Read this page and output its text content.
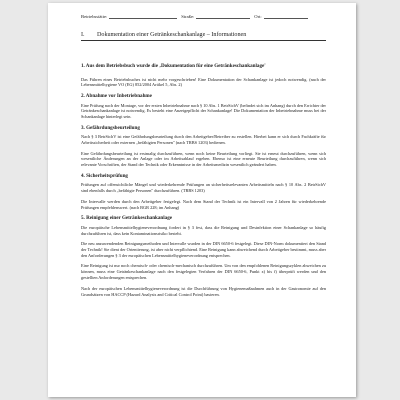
Betriebsstätte:	Straße:	Ort:
I. Dokumentation einer Getränkeschankanlage – Informationen
1. Aus dem Betriebsbuch wurde die ‚Dokumentation für eine Getränkeschankanlage'

Das Führen eines Betriebsbuches ist nicht mehr vorgeschrieben! Eine Dokumentation der Schankanlage ist jedoch notwendig. (nach der Lebensmittelhygiene VO (EG) 852/2004 Artikel 5, Abs. 2)

2. Abnahme vor Inbetriebnahme

Eine Prüfung nach der Montage, vor der ersten Inbetriebnahme nach § 10 Abs. 1 BetrSichV (befindet sich im Anhang) durch den Errichter der Getränkeschankanlage ist notwendig. Es besteht eine Anzeigepflicht der Schankanlage! Die Dokumentation der Inbetriebnahme muss bei der Schankanlage hinterlegt sein.

3. Gefährdungsbeurteilung

Nach § 3 BetrSichV ist eine Gefährdungsbeurteilung durch den Arbeitgeber/Betreiber zu erstellen. Hierbei kann er sich durch Fachkräfte für Arbeitssicherheit oder externen „befähigten Personen" (nach TRBS 1203) bedienen.

Eine Gefährdungsbeurteilung ist erstmalig durchzuführen, wenn noch keine Beurteilung vorliegt. Sie ist erneut durchzuführen, wenn sich wesentliche Änderungen an der Anlage oder im Arbeitsablauf ergeben. Ebenso ist eine erneute Beurteilung durchzuführen, wenn sich relevante Vorschriften, der Stand der Technik oder Erkenntnisse in der Arbeitsmedizin wesentlich geändert haben.

4. Sicherheitsprüfung

Prüfungen auf offensichtliche Mängel und wiederkehrende Prüfungen an sicherheitsrelevanten Arbeitsmitteln nach § 10 Abs. 2 BetrSichV sind ebenfalls durch „befähigte Personen" durchzuführen. (TRBS 1203)

Die Intervalle werden durch den Arbeitgeber festgelegt. Nach dem Stand der Technik ist ein Intervall von 2 Jahren für wiederkehrende Prüfungen empfehlenswert. (nach BGR 228; im Anhang)

5. Reinigung einer Getränkeschankanlage

Die europäische Lebensmittelhygieneverordnung fordert in § 3 fest, dass die Reinigung und Desinfektion einer Schankanlage so häufig durchzuführen ist, dass kein Kontaminationsrisiko besteht.

Die neu anzuwendenden Reinigungsmethoden und Intervalle wurden in der DIN 6650-6 festgelegt. Diese DIN-Norm dokumentiert den Stand der Technik! Sie dient der Orientierung, ist aber nicht verpflichtend. Eine Reinigung kann abweichend durch Arbeitgeber bestimmt, muss aber den Anforderungen § 3 der europäischen Lebensmittelhygieneverordnung entsprechen.

Eine Reinigung ist nur noch chemisch- oder chemisch-mechanisch durchzuführen. Um von den empfohlenen Reinigungszyklen abweichen zu können, muss eine Getränkeschankanlage nach den festgelegten Verfahren der DIN 6650-6, Punkt x) bis f) überprüft werden und den gestellten Anforderungen entsprechen.

Nach der europäischen Lebensmittelhygieneverordnung ist die Durchführung von Hygienemaßnahmen auch in der Gastronomie auf den Grundsätzen von HACCP (Hazard Analysis and Critical Control Point) basieren.
